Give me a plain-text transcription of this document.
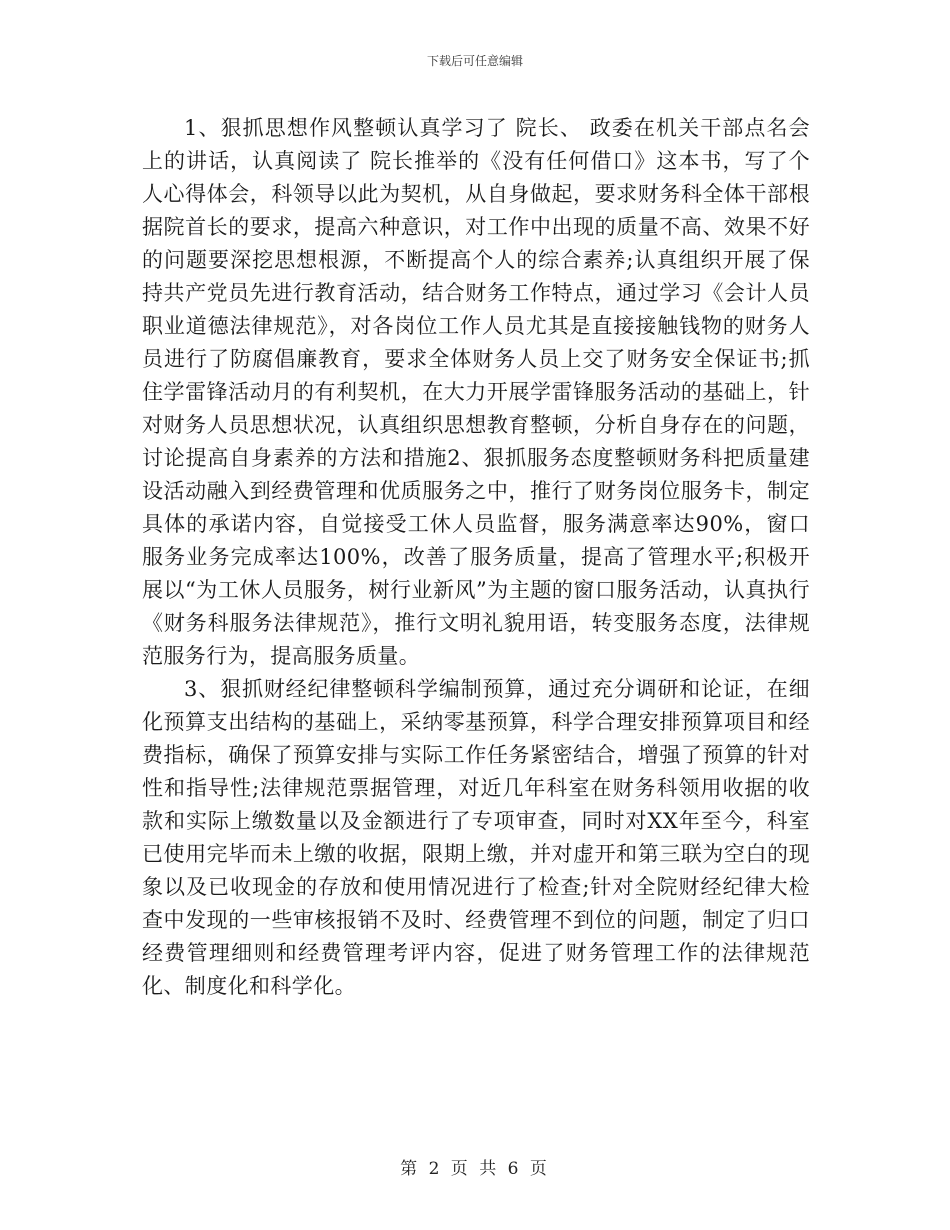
下载后可任意编辑

1、狠抓思想作风整顿认真学习了 院长、 政委在机关干部点名会上的讲话，认真阅读了 院长推举的《没有任何借口》这本书，写了个人心得体会，科领导以此为契机，从自身做起，要求财务科全体干部根据院首长的要求，提高六种意识，对工作中出现的质量不高、效果不好的问题要深挖思想根源，不断提高个人的综合素养;认真组织开展了保持共产党员先进行教育活动，结合财务工作特点，通过学习《会计人员职业道德法律规范》，对各岗位工作人员尤其是直接接触钱物的财务人员进行了防腐倡廉教育，要求全体财务人员上交了财务安全保证书;抓住学雷锋活动月的有利契机，在大力开展学雷锋服务活动的基础上，针对财务人员思想状况，认真组织思想教育整顿，分析自身存在的问题，讨论提高自身素养的方法和措施2、狠抓服务态度整顿财务科把质量建设活动融入到经费管理和优质服务之中，推行了财务岗位服务卡，制定具体的承诺内容，自觉接受工休人员监督，服务满意率达90%，窗口服务业务完成率达100%，改善了服务质量，提高了管理水平;积极开展以“为工休人员服务，树行业新风”为主题的窗口服务活动，认真执行《财务科服务法律规范》，推行文明礼貌用语，转变服务态度，法律规范服务行为，提高服务质量。

3、狠抓财经纪律整顿科学编制预算，通过充分调研和论证，在细化预算支出结构的基础上，采纳零基预算，科学合理安排预算项目和经费指标，确保了预算安排与实际工作任务紧密结合，增强了预算的针对性和指导性;法律规范票据管理，对近几年科室在财务科领用收据的收款和实际上缴数量以及金额进行了专项审查，同时对XX年至今，科室已使用完毕而未上缴的收据，限期上缴，并对虚开和第三联为空白的现象以及已收现金的存放和使用情况进行了检查;针对全院财经纪律大检查中发现的一些审核报销不及时、经费管理不到位的问题，制定了归口经费管理细则和经费管理考评内容，促进了财务管理工作的法律规范化、制度化和科学化。

第 2 页 共 6 页
